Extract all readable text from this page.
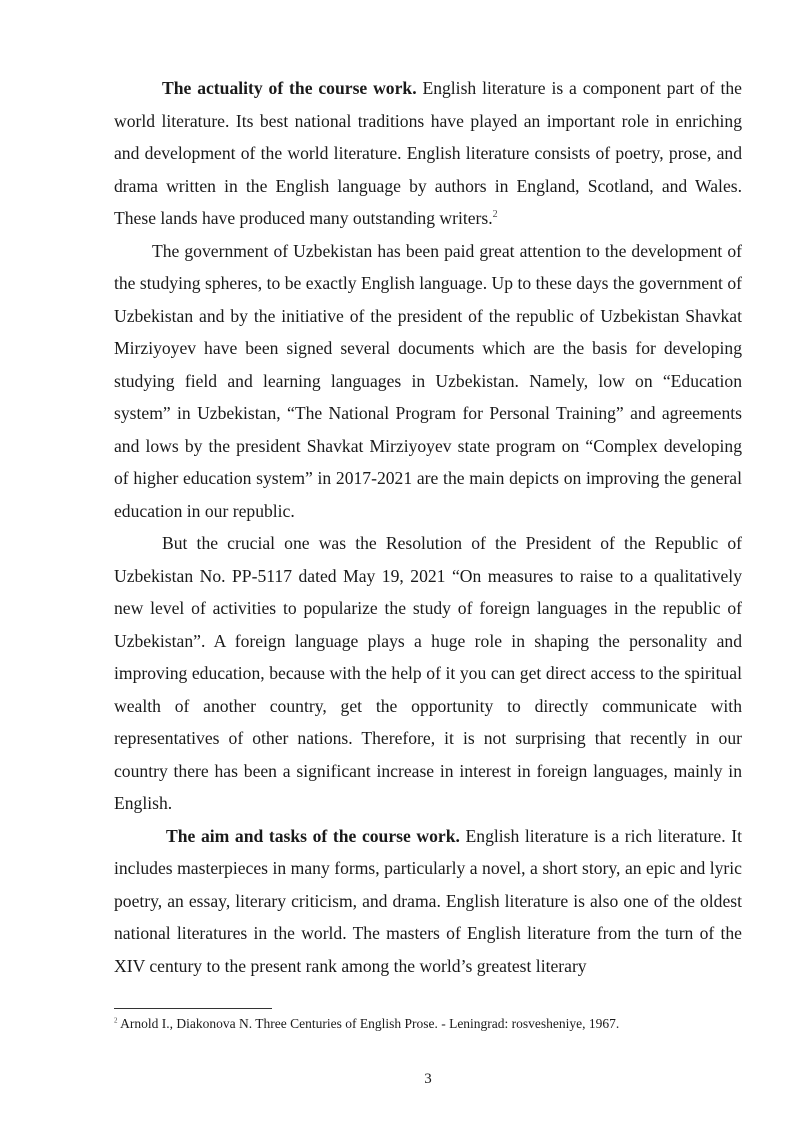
The actuality of the course work. English literature is a component part of the world literature. Its best national traditions have played an important role in enriching and development of the world literature. English literature consists of poetry, prose, and drama written in the English language by authors in England, Scotland, and Wales. These lands have produced many outstanding writers.$^2$

The government of Uzbekistan has been paid great attention to the development of the studying spheres, to be exactly English language. Up to these days the government of Uzbekistan and by the initiative of the president of the republic of Uzbekistan Shavkat Mirziyoyev have been signed several documents which are the basis for developing studying field and learning languages in Uzbekistan. Namely, low on “Education system” in Uzbekistan, “The National Program for Personal Training” and agreements and lows by the president Shavkat Mirziyoyev state program on “Complex developing of higher education system” in 2017-2021 are the main depicts on improving the general education in our republic.

But the crucial one was the Resolution of the President of the Republic of Uzbekistan No. PP-5117 dated May 19, 2021 “On measures to raise to a qualitatively new level of activities to popularize the study of foreign languages in the republic of Uzbekistan”. A foreign language plays a huge role in shaping the personality and improving education, because with the help of it you can get direct access to the spiritual wealth of another country, get the opportunity to directly communicate with representatives of other nations. Therefore, it is not surprising that recently in our country there has been a significant increase in interest in foreign languages, mainly in English.

The aim and tasks of the course work. English literature is a rich literature. It includes masterpieces in many forms, particularly a novel, a short story, an epic and lyric poetry, an essay, literary criticism, and drama. English literature is also one of the oldest national literatures in the world. The masters of English literature from the turn of the XIV century to the present rank among the world’s greatest literary

$^2$ Arnold I., Diakonova N. Three Centuries of English Prose. - Leningrad: rosvesheniye, 1967.
3
